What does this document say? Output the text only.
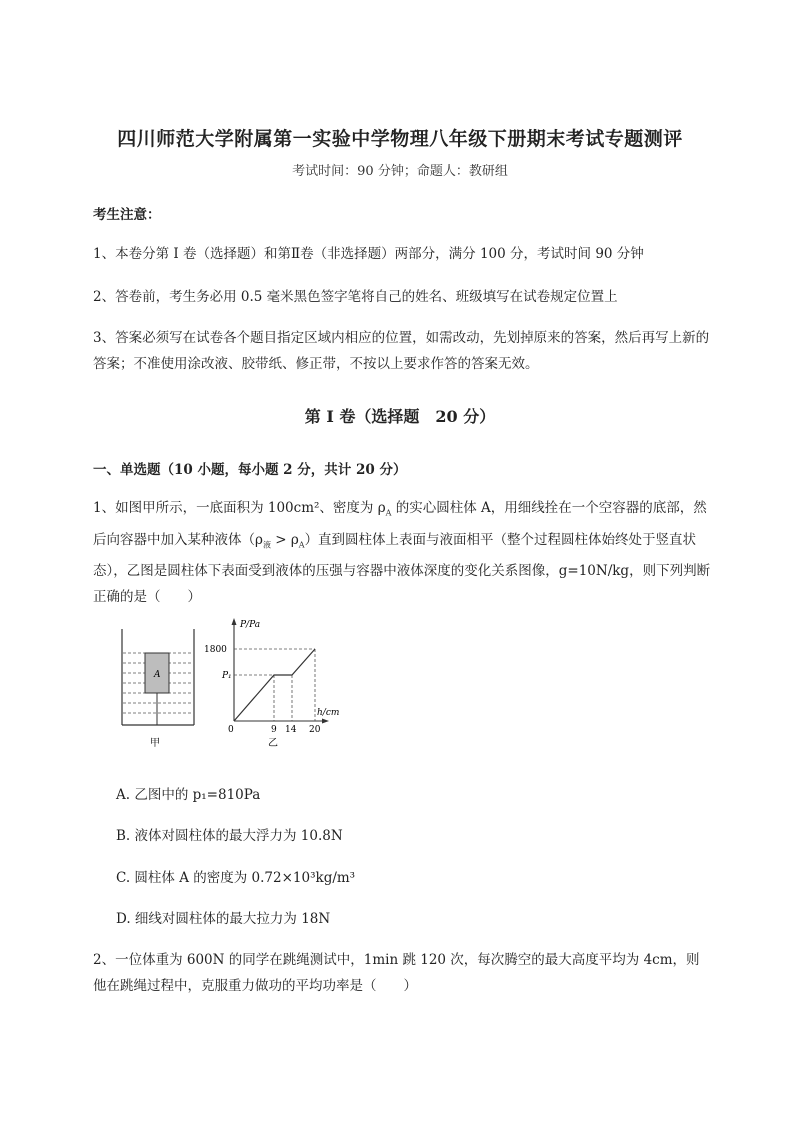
四川师范大学附属第一实验中学物理八年级下册期末考试专题测评
考试时间：90 分钟；命题人：教研组
考生注意：
1、本卷分第 I 卷（选择题）和第Ⅱ卷（非选择题）两部分，满分 100 分，考试时间 90 分钟
2、答卷前，考生务必用 0.5 毫米黑色签字笔将自己的姓名、班级填写在试卷规定位置上
3、答案必须写在试卷各个题目指定区域内相应的位置，如需改动，先划掉原来的答案，然后再写上新的答案；不准使用涂改液、胶带纸、修正带，不按以上要求作答的答案无效。
第 I 卷（选择题　20 分）
一、单选题（10 小题，每小题 2 分，共计 20 分）
1、如图甲所示，一底面积为 100cm²、密度为 $\rho_A$ 的实心圆柱体 A，用细线拴在一个空容器的底部，然后向容器中加入某种液体$(\rho_液 > \rho_A)$直到圆柱体上表面与液面相平（整个过程圆柱体始终处于竖直状态），乙图是圆柱体下表面受到液体的压强与容器中液体深度的变化关系图像，g=10N/kg，则下列判断正确的是（　　）
A
甲
P/Pa
h/cm
1800
P₁
0	9 14 20
乙
A. 乙图中的 p₁=810Pa
B. 液体对圆柱体的最大浮力为 10.8N
C. 圆柱体 A 的密度为 0.72×10³kg/m³
D. 细线对圆柱体的最大拉力为 18N
2、一位体重为 600N 的同学在跳绳测试中，1min 跳 120 次，每次腾空的最大高度平均为 4cm，则他在跳绳过程中，克服重力做功的平均功率是（　　）
